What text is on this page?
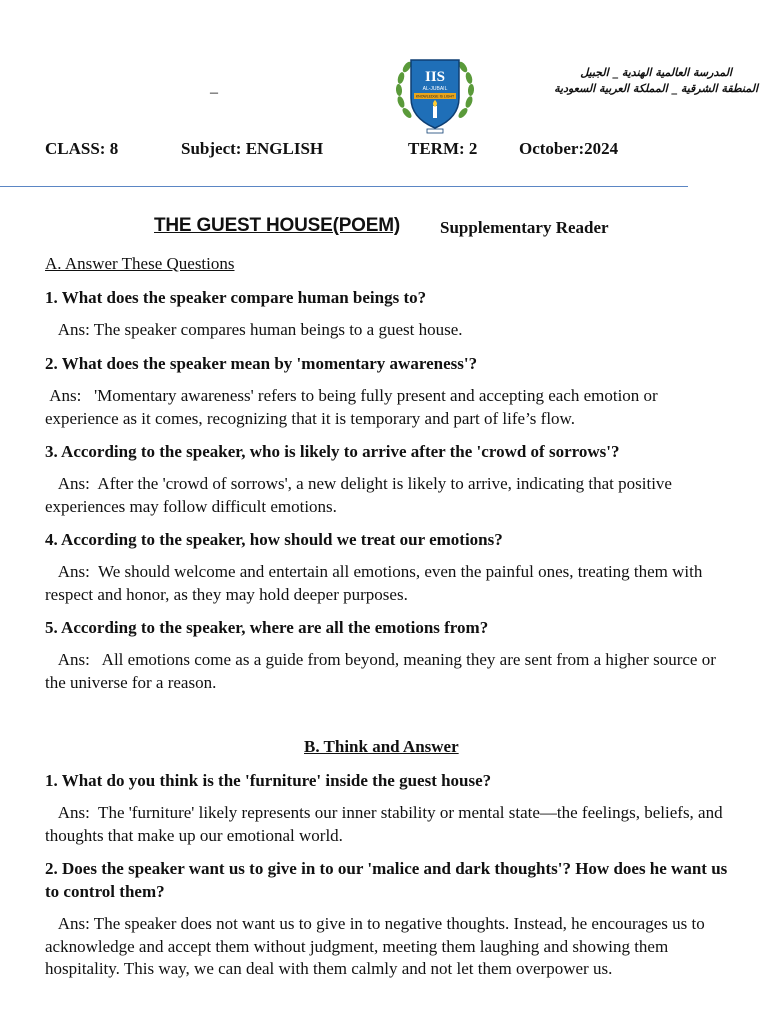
–
IIS
AL-JUBAIL
KNOWLEDGE IS LIGHT
المدرسة العالمية الهندية _ الجبيل
المنطقة الشرقية _ المملكة العربية السعودية
CLASS: 8	Subject: ENGLISH	TERM: 2 October:2024
THE GUEST HOUSE(POEM) Supplementary Reader
A. Answer These Questions
1. What does the speaker compare human beings to?
Ans: The speaker compares human beings to a guest house.
2. What does the speaker mean by 'momentary awareness'?
Ans:   'Momentary awareness' refers to being fully present and accepting each emotion or experience as it comes, recognizing that it is temporary and part of life’s flow.
3. According to the speaker, who is likely to arrive after the 'crowd of sorrows'?
Ans:  After the 'crowd of sorrows', a new delight is likely to arrive, indicating that positive experiences may follow difficult emotions.
4. According to the speaker, how should we treat our emotions?
Ans:  We should welcome and entertain all emotions, even the painful ones, treating them with respect and honor, as they may hold deeper purposes.
5. According to the speaker, where are all the emotions from?
Ans:   All emotions come as a guide from beyond, meaning they are sent from a higher source or the universe for a reason.
B. Think and Answer
1. What do you think is the 'furniture' inside the guest house?
Ans:  The 'furniture' likely represents our inner stability or mental state—the feelings, beliefs, and thoughts that make up our emotional world.
2. Does the speaker want us to give in to our 'malice and dark thoughts'? How does he want us to control them?
Ans: The speaker does not want us to give in to negative thoughts. Instead, he encourages us to acknowledge and accept them without judgment, meeting them laughing and showing them hospitality. This way, we can deal with them calmly and not let them overpower us.
